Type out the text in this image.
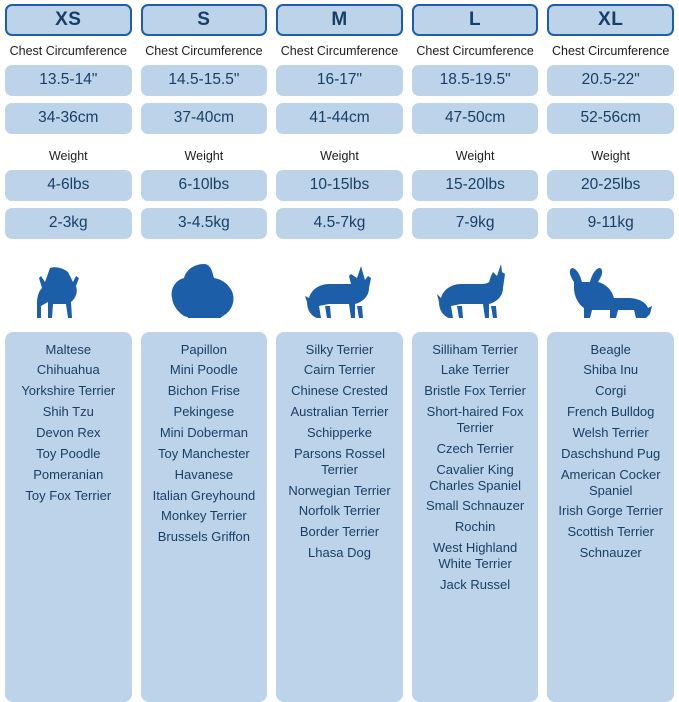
XS
Chest Circumference
13.5-14"
34-36cm
Weight
4-6lbs
2-3kg
Maltese
Chihuahua
Yorkshire Terrier
Shih Tzu
Devon Rex
Toy Poodle
Pomeranian
Toy Fox Terrier
S
Chest Circumference
14.5-15.5"
37-40cm
Weight
6-10lbs
3-4.5kg
Papillon
Mini Poodle
Bichon Frise
Pekingese
Mini Doberman
Toy Manchester
Havanese
Italian Greyhound
Monkey Terrier
Brussels Griffon
M
Chest Circumference
16-17"
41-44cm
Weight
10-15lbs
4.5-7kg
Silky Terrier
Cairn Terrier
Chinese Crested
Australian Terrier
Schipperke
Parsons Rossel Terrier
Norwegian Terrier
Norfolk Terrier
Border Terrier
Lhasa Dog
L
Chest Circumference
18.5-19.5"
47-50cm
Weight
15-20lbs
7-9kg
Silliham Terrier
Lake Terrier
Bristle Fox Terrier
Short-haired Fox Terrier
Czech Terrier
Cavalier King Charles Spaniel
Small Schnauzer
Rochin
West Highland White Terrier
Jack Russel
XL
Chest Circumference
20.5-22"
52-56cm
Weight
20-25lbs
9-11kg
Beagle
Shiba Inu
Corgi
French Bulldog
Welsh Terrier
Daschshund Pug
American Cocker Spaniel
Irish Gorge Terrier
Scottish Terrier
Schnauzer
